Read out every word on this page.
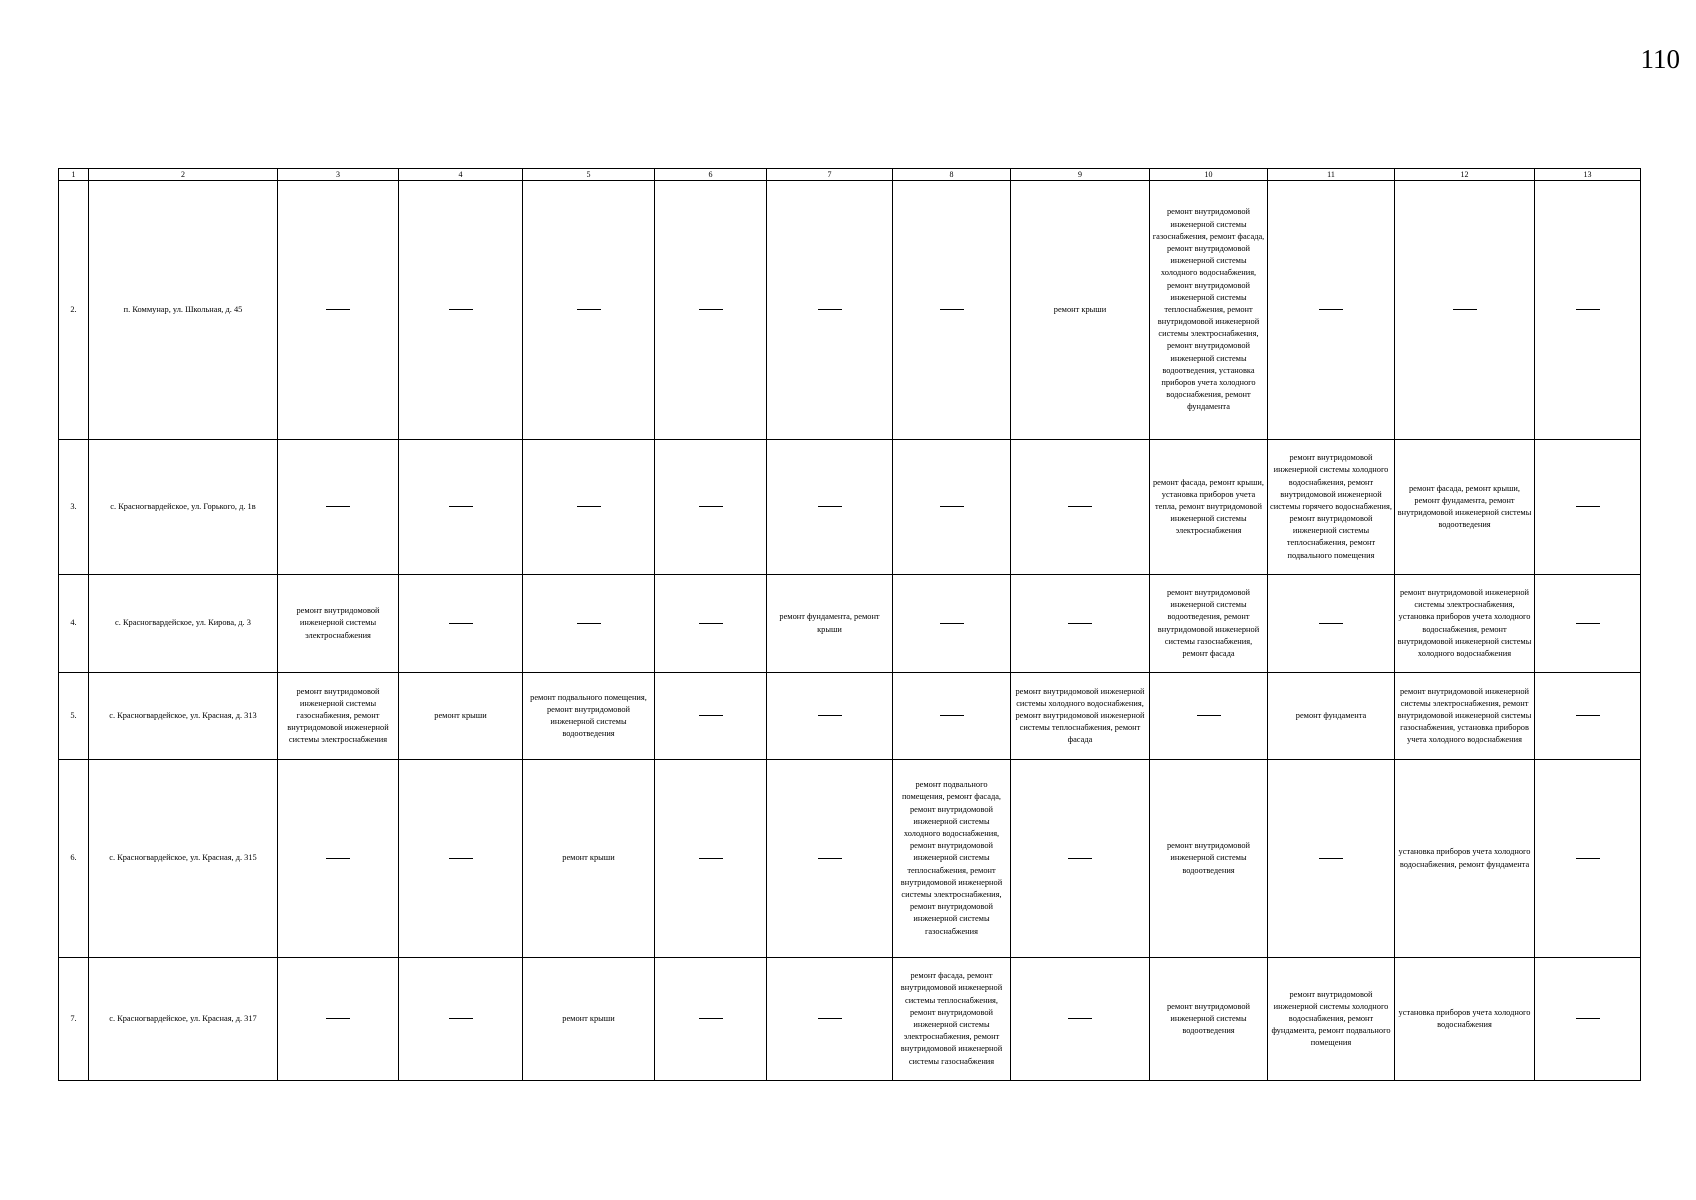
110
1	2	3	4	5	6	7	8	9	10	11	12	13
2.	п. Коммунар, ул. Школьная, д. 45							ремонт крыши	ремонт внутридомовой инженерной системы газоснабжения, ремонт фасада, ремонт внутридомовой инженерной системы холодного водоснабжения, ремонт внутридомовой инженерной системы теплоснабжения, ремонт внутридомовой инженерной системы электроснабжения, ремонт внутридомовой инженерной системы водоотведения, установка приборов учета холодного водоснабжения, ремонт фундамента			
3.	с. Красногвардейское, ул. Горького, д. 1в								ремонт фасада, ремонт крыши, установка приборов учета тепла, ремонт внутридомовой инженерной системы электроснабжения	ремонт внутридомовой инженерной системы холодного водоснабжения, ремонт внутридомовой инженерной системы горячего водоснабжения, ремонт внутридомовой инженерной системы теплоснабжения, ремонт подвального помещения	ремонт фасада, ремонт крыши, ремонт фундамента, ремонт внутридомовой инженерной системы водоотведения	
4.	с. Красногвардейское, ул. Кирова, д. 3	ремонт внутридомовой инженерной системы электроснабжения				ремонт фундамента, ремонт крыши			ремонт внутридомовой инженерной системы водоотведения, ремонт внутридомовой инженерной системы газоснабжения, ремонт фасада		ремонт внутридомовой инженерной системы электроснабжения, установка приборов учета холодного водоснабжения, ремонт внутридомовой инженерной системы холодного водоснабжения	
5.	с. Красногвардейское, ул. Красная, д. 313	ремонт внутридомовой инженерной системы газоснабжения, ремонт внутридомовой инженерной системы электроснабжения	ремонт крыши	ремонт подвального помещения, ремонт внутридомовой инженерной системы водоотведения				ремонт внутридомовой инженерной системы холодного водоснабжения, ремонт внутридомовой инженерной системы теплоснабжения, ремонт фасада		ремонт фундамента	ремонт внутридомовой инженерной системы электроснабжения, ремонт внутридомовой инженерной системы газоснабжения, установка приборов учета холодного водоснабжения	
6.	с. Красногвардейское, ул. Красная, д. 315			ремонт крыши			ремонт подвального помещения, ремонт фасада, ремонт внутридомовой инженерной системы холодного водоснабжения, ремонт внутридомовой инженерной системы теплоснабжения, ремонт внутридомовой инженерной системы электроснабжения, ремонт внутридомовой инженерной системы газоснабжения		ремонт внутридомовой инженерной системы водоотведения		установка приборов учета холодного водоснабжения, ремонт фундамента	
7.	с. Красногвардейское, ул. Красная, д. 317			ремонт крыши			ремонт фасада, ремонт внутридомовой инженерной системы теплоснабжения, ремонт внутридомовой инженерной системы электроснабжения, ремонт внутридомовой инженерной системы газоснабжения		ремонт внутридомовой инженерной системы водоотведения	ремонт внутридомовой инженерной системы холодного водоснабжения, ремонт фундамента, ремонт подвального помещения	установка приборов учета холодного водоснабжения	
